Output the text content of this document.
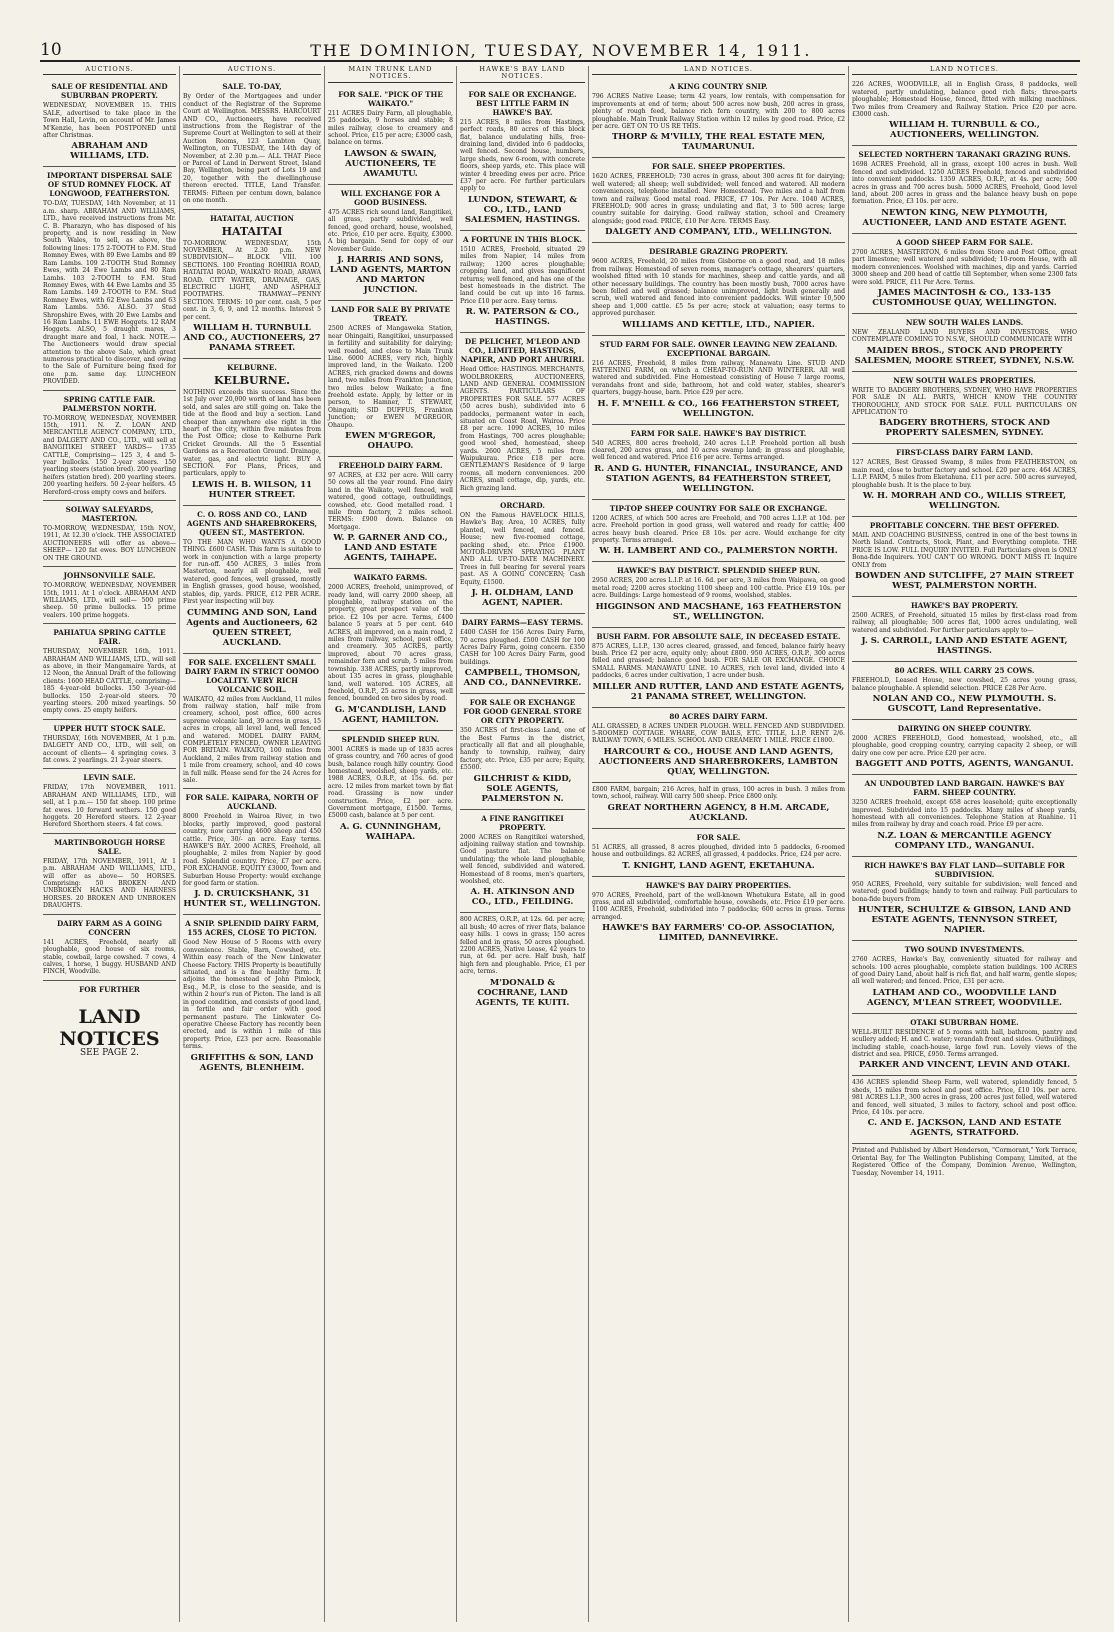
10	THE DOMINION, TUESDAY, NOVEMBER 14, 1911.
AUCTIONS.
SALE OF RESIDENTIAL AND SUBURBAN PROPERTY.
WEDNESDAY, NOVEMBER 15. THIS SALE, advertised to take place in the Town Hall, Levin, on account of Mr. James M'Kenzie, has been POSTPONED until after Christmas.
ABRAHAM AND WILLIAMS, LTD.
IMPORTANT DISPERSAL SALE OF STUD ROMNEY FLOCK. AT LONGWOOD, FEATHERSTON.
TO-DAY, TUESDAY, 14th November, at 11 a.m. sharp. ABRAHAM AND WILLIAMS, LTD., have received instructions from Mr. C. B. Pharazyn, who has disposed of his property, and is now residing in New South Wales, to sell, as above, the following lines: 175 2-TOOTH to F.M. Stud Romney Ewes, with 89 Ewe Lambs and 89 Ram Lambs. 109 2-TOOTH Stud Romney Ewes, with 24 Ewe Lambs and 80 Ram Lambs. 103 2-TOOTH to F.M. Stud Romney Ewes, with 44 Ewe Lambs and 35 Ram Lambs. 149 2-TOOTH to F.M. Stud Romney Ewes, with 62 Ewe Lambs and 63 Ram Lambs. 536. ALSO. 37 Stud Shropshire Ewes, with 20 Ewe Lambs and 16 Ram Lambs. 11 EWE Hoggets. 12 RAM Hoggets. ALSO, 5 draught mares, 3 draught mare and foal, 1 hack. NOTE.—The Auctioneers would draw special attention to the above Sale, which great numerous practical to discover, and owing to the Sale of Furniture being fixed for one p.m. same day. LUNCHEON PROVIDED.
SPRING CATTLE FAIR. PALMERSTON NORTH.
TO-MORROW, WEDNESDAY, NOVEMBER 15th, 1911. N. Z. LOAN AND MERCANTILE AGENCY COMPANY, LTD., and DALGETY AND CO., LTD., will sell at BANGITIKEI STREET YARDS— 1735 CATTLE, Comprising— 125 3, 4 and 5-year bullocks. 150 2-year steers. 150 yearling steers (station bred). 200 yearling heifers (station bred). 200 yearling steers. 200 yearling heifers. 50 2-year heifers. 45 Hereford-cross empty cows and heifers.
SOLWAY SALEYARDS, MASTERTON.
TO-MORROW, WEDNESDAY, 15th NOV., 1911, At 12.30 o'clock. THE ASSOCIATED AUCTIONEERS will offer as above— SHEEP— 120 fat ewes. BOY LUNCHEON ON THE GROUND.
JOHNSONVILLE SALE.
TO-MORROW, WEDNESDAY, NOVEMBER 15th, 1911. At 1 o'clock. ABRAHAM AND WILLIAMS, LTD., will sell— 500 prime sheep. 50 prime bullocks. 15 prime vealers. 100 prime hoggets.
PAHIATUA SPRING CATTLE FAIR.
THURSDAY, NOVEMBER 16th, 1911. ABRAHAM AND WILLIAMS, LTD., will sell as above, in their Mangamaire Yards, at 12 Noon, the Annual Draft of the following clients: 1600 HEAD CATTLE, comprising— 185 4-year-old bullocks. 150 3-year-old bullocks. 150 2-year-old steers. 70 yearling steers. 200 mixed yearlings. 50 empty cows. 25 empty heifers.
UPPER HUTT STOCK SALE.
THURSDAY, 16th NOVEMBER, At 1 p.m. DALGETY AND CO., LTD., will sell, on account of clients— 4 springing cows. 3 fat cows. 2 yearlings. 21 2-year steers.
LEVIN SALE.
FRIDAY, 17th NOVEMBER, 1911. ABRAHAM AND WILLIAMS, LTD., will sell, at 1 p.m.— 150 fat sheep. 100 prime fat ewes. 10 forward wethers. 150 good hoggets. 20 Hereford steers. 12 2-year Hereford Shorthorn steers. 4 fat cows.
MARTINBOROUGH HORSE SALE.
FRIDAY, 17th NOVEMBER, 1911, At 1 p.m. ABRAHAM AND WILLIAMS, LTD., will offer as above— 50 HORSES. Comprising: 50 BROKEN AND UNBROKEN HACKS AND HARNESS HORSES. 20 BROKEN AND UNBROKEN DRAUGHTS.
DAIRY FARM AS A GOING CONCERN
141 ACRES, Freehold, nearly all ploughable, good house of six rooms, stable, cowbail, large cowshed. 7 cows, 4 calves, 1 horse, 1 buggy. HUSBAND AND FINCH, Woodville.
FOR FURTHER
LAND NOTICES
SEE PAGE 2.
AUCTIONS.
SALE. TO-DAY,
By Order of the Mortgagees and under conduct of the Registrar of the Supreme Court at Wellington. MESSRS. HARCOURT AND CO., Auctioneers, have received instructions from the Registrar of the Supreme Court at Wellington to sell at their Auction Rooms, 123 Lambton Quay, Wellington, on TUESDAY, the 14th day of November, at 2.30 p.m.— ALL THAT Piece or Parcel of Land in Derwent Street, Island Bay, Wellington, being part of Lots 19 and 20, together with the dwellinghouse thereon erected. TITLE, Land Transfer. TERMS: Fifteen per centum down, balance on one month.
HATAITAI, AUCTION
HATAITAI
TO-MORROW. WEDNESDAY, 15th NOVEMBER, At 2.30 p.m. NEW SUBDIVISION— BLOCK VIII. 100 SECTIONS. 100 Fronting ROHIRIA ROAD, HATAITAI ROAD, WAIKATO ROAD, ARAWA ROAD. CITY WATER, DRAINAGE, GAS, ELECTRIC LIGHT, AND ASPHALT FOOTPATHS. TRAMWAY—PENNY SECTION. TERMS: 10 per cent. cash, 5 per cent. in 3, 6, 9, and 12 months. Interest 5 per cent.
WILLIAM H. TURNBULL AND CO., AUCTIONEERS, 27 PANAMA STREET.
KELBURNE.
KELBURNE.
NOTHING exceeds this success. Since the 1st July over 20,000 worth of land has been sold, and sales are still going on. Take the tide at the flood and buy a section. Land cheaper than anywhere else right in the heart of the city, within five minutes from the Post Office; close to Kelburne Park Cricket Grounds. All the 5 Essential Gardens as a Recreation Ground. Drainage, water, gas, and electric light. BUY A SECTION. For Plans, Prices, and particulars, apply to
LEWIS H. B. WILSON, 11 HUNTER STREET.
C. O. ROSS AND CO., LAND AGENTS AND SHAREBROKERS, QUEEN ST., MASTERTON.
TO THE MAN WHO WANTS A GOOD THING. £600 CASH. This farm is suitable to work in conjunction with a large property for run-off. 450 ACRES, 3 miles from Masterton, nearly all ploughable, well watered, good fences, well grassed, mostly in English grasses, good house, woolshed, stables, dip, yards. PRICE, £12 PER ACRE. First year inspecting will buy.
CUMMING AND SON, Land Agents and Auctioneers, 62 QUEEN STREET, AUCKLAND.
FOR SALE. EXCELLENT SMALL DAIRY FARM IN STRICT OOMOO LOCALITY. VERY RICH VOLCANIC SOIL.
WAIKATO, 42 miles from Auckland, 11 miles from railway station, half mile from creamery, school, post office, 600 acres supreme volcanic land, 39 acres in grass, 15 acres in crops, all level land, well fenced and watered. MODEL DAIRY FARM, COMPLETELY FENCED, OWNER LEAVING FOR BRITAIN. WAIKATO, 100 miles from Auckland, 2 miles from railway station and 1 mile from creamery, school, and 40 cows in full milk. Please send for the 24 Acres for sale.
FOR SALE. KAIPARA, NORTH OF AUCKLAND.
8000 Freehold in Wairoa River, in two blocks, partly improved, good pastoral country, now carrying 4600 sheep and 450 cattle. Price, 30/- an acre. Easy terms. HAWKE'S BAY. 2000 ACRES, Freehold, all ploughable, 2 miles from Napier by good road. Splendid country. Price, £7 per acre. FOR EXCHANGE. EQUITY £3000, Town and Suburban House Property: would exchange for good farm or station.
J. D. CRUICKSHANK, 31 HUNTER ST., WELLINGTON.
A SNIP. SPLENDID DAIRY FARM, 155 ACRES, CLOSE TO PICTON.
Good New House of 5 Rooms with every convenience. Stable, Barn, Cowshed, etc. Within easy reach of the New Linkwater Cheese Factory. THIS Property is beautifully situated, and is a fine healthy farm. It adjoins the homestead of John Pimlock, Esq., M.P., is close to the seaside, and is within 2 hour's run of Picton. The land is all in good condition, and consists of good land, in fertile and fair order with good permanent pasture. The Linkwater Co-operative Cheese Factory has recently been erected, and is within 1 mile of this property. Price, £23 per acre. Reasonable terms.
GRIFFITHS & SON, LAND AGENTS, BLENHEIM.
MAIN TRUNK LAND NOTICES.
FOR SALE. "PICK OF THE WAIKATO."
211 ACRES Dairy Farm, all ploughable, 25 paddocks, 9 horses and stable; 8 miles railway, close to creamery and school. Price, £15 per acre; £3000 cash, balance on terms.
LAWSON & SWAIN, AUCTIONEERS, TE AWAMUTU.
WILL EXCHANGE FOR A GOOD BUSINESS.
475 ACRES rich sound land, Rangitikei, all grass, partly subdivided, well fenced, good orchard, house, woolshed, etc. Price, £10 per acre. Equity, £3000. A big bargain. Send for copy of our November Guide.
J. HARRIS AND SONS, LAND AGENTS, MARTON AND MARTON JUNCTION.
LAND FOR SALE BY PRIVATE TREATY.
2500 ACRES of Mangaweka Station, near Ohingaiti, Rangitikei, unsurpassed in fertility and suitability for dairying; well roaded, and close to Main Trunk Line. 6000 ACRES, very rich, highly improved land, in the Waikato. 1200 ACRES, rich gracked downs and downs land, two miles from Frankton Junction, two miles below Waikato; a fine freehold estate. Apply, by letter or in person, to Hamner, T. STEWART, Ohingaiti; SID DUFFUS, Frankton Junction; or EWEN M'GREGOR, Ohaupo.
EWEN M'GREGOR, OHAUPO.
FREEHOLD DAIRY FARM.
97 ACRES, at £32 per acre. Will carry 50 cows all the year round. Fine dairy land in the Waikato, well fenced, well watered, good cottage, outbuildings, cowshed, etc. Good metalled road. 1 mile from factory, 2 miles school. TERMS: £900 down. Balance on Mortgage.
W. P. GARNER AND CO., LAND AND ESTATE AGENTS, TAIHAPE.
WAIKATO FARMS.
2000 ACRES, freehold, unimproved, of ready land, will carry 2000 sheep, all ploughable, railway station on the property, great prospect value of the price. £2 10s per acre. Terms, £400 balance 5 years at 5 per cent. 640 ACRES, all improved, on a main road, 2 miles from railway, school, post office, and creamery. 305 ACRES, partly improved, about 70 acres grass, remainder fern and scrub, 5 miles from township. 338 ACRES, partly improved, about 135 acres in grass, ploughable land, well watered. 105 ACRES, all freehold, O.R.P., 25 acres in grass, well fenced, bounded on two sides by road.
G. M'CANDLISH, LAND AGENT, HAMILTON.
SPLENDID SHEEP RUN.
3001 ACRES is made up of 1835 acres of grass country, and 760 acres of good bush, balance rough hilly country. Good homestead, woolshed, sheep yards, etc. 1988 ACRES, O.R.P., at 15s. 6d. per acre. 12 miles from market town by flat road. Grassing is now under construction. Price, £2 per acre. Government mortgage, £1500. Terms, £5000 cash, balance at 5 per cent.
A. G. CUNNINGHAM, WAIHAPA.
HAWKE'S BAY LAND NOTICES.
FOR SALE OR EXCHANGE. BEST LITTLE FARM IN HAWKE'S BAY.
215 ACRES, 8 miles from Hastings, perfect roads, 80 acres of this block flat, balance undulating hills, free-draining land, divided into 6 paddocks, well fenced. Second house, numbers, large sheds, new 6-room, with concrete floors, sheep yards, etc. This place will winter 4 breeding ewes per acre. Price £37 per acre. For further particulars apply to
LUNDON, STEWART, & CO., LTD., LAND SALESMEN, HASTINGS.
A FORTUNE IN THIS BLOCK.
1510 ACRES, Freehold, situated 29 miles from Napier, 14 miles from railway; 1200 acres ploughable; cropping land, and gives magnificent returns; well fenced, and has one of the best homesteads in the district. The land could be cut up into 16 farms. Price £10 per acre. Easy terms.
R. W. PATERSON & CO., HASTINGS.
DE PELICHET, M'LEOD AND CO., LIMITED, HASTINGS, NAPIER, AND PORT AHURIRI.
Head Office: HASTINGS. MERCHANTS, WOOLBROKERS, AUCTIONEERS, LAND AND GENERAL COMMISSION AGENTS. PARTICULARS OF PROPERTIES FOR SALE. 577 ACRES (50 acres bush), subdivided into 6 paddocks, permanent water in each, situated on Coast Road, Wairoa. Price £8 per acre. 1090 ACRES, 10 miles from Hastings, 700 acres ploughable; good wool shed, homestead, sheep yards. 2600 ACRES, 5 miles from Waipukurau. Price £18 per acre. GENTLEMAN'S Residence of 9 large rooms, all modern conveniences. 200 ACRES, small cottage, dip, yards, etc. Rich grazing land.
ORCHARD.
ON the Famous HAVELOCK HILLS, Hawke's Bay, Area, 10 ACRES, fully planted, well fenced, and fenced. House; new five-roomed cottage, packing shed, etc. Price £1900. MOTOR-DRIVEN SPRAYING PLANT AND ALL UP-TO-DATE MACHINERY. Trees in full bearing for several years past. AS A GOING CONCERN; Cash Equity, £1500.
J. H. OLDHAM, LAND AGENT, NAPIER.
DAIRY FARMS—EASY TERMS.
£400 CASH for 156 Acres Dairy Farm, 70 acres ploughed. £500 CASH for 100 Acres Dairy Farm, going concern. £350 CASH for 100 Acres Dairy Farm, good buildings.
CAMPBELL, THOMSON, AND CO., DANNEVIRKE.
FOR SALE OR EXCHANGE FOR GOOD GENERAL STORE OR CITY PROPERTY.
350 ACRES of first-class Land, one of the Best Farms in the district, practically all flat and all ploughable, handy to township, railway, dairy factory, etc. Price, £35 per acre; Equity, £5500.
GILCHRIST & KIDD, SOLE AGENTS, PALMERSTON N.
A FINE RANGITIKEI PROPERTY.
2000 ACRES on Rangitikei watershed, adjoining railway station and township. Good pasture flat. The balance undulating; the whole land ploughable, well fenced, subdivided and watered. Homestead of 8 rooms, men's quarters, woolshed, etc.
A. H. ATKINSON AND CO., LTD., FEILDING.
800 ACRES, O.R.P., at 12s. 6d. per acre; all bush; 40 acres of river flats, balance easy hills. 1 cows in grass; 150 acres felled and in grass, 50 acres ploughed. 2200 ACRES, Native Lease, 42 years to run, at 6d. per acre. Half bush, half high fern and ploughable. Price, £1 per acre, terms.
M'DONALD & COCHRANE, LAND AGENTS, TE KUITI.
LAND NOTICES.
A KING COUNTRY SNIP.
796 ACRES Native Lease; term 42 years, low rentals, with compensation for improvements at end of term; about 500 acres now bush, 200 acres in grass, plenty of rough feed, balance rich fern country, with 200 to 800 acres ploughable. Main Trunk Railway Station within 12 miles by good road. Price, £2 per acre. GET ON TO US RE THIS.
THORP & M'VILLY, THE REAL ESTATE MEN, TAUMARUNUI.
FOR SALE. SHEEP PROPERTIES.
1620 ACRES, FREEHOLD; 730 acres in grass, about 300 acres fit for dairying; well watered; all sheep; well subdivided; well fenced and watered. All modern conveniences, telephone installed. New Homestead. Two miles and a half from town and railway. Good metal road. PRICE, £7 10s. Per Acre. 1040 ACRES, FREEHOLD; 900 acres in grass; undulating and flat, 3 to 500 acres; large country suitable for dairying. Good railway station, school and Creamery alongside; good road. PRICE, £10 Per Acre. TERMS Easy.
DALGETY AND COMPANY, LTD., WELLINGTON.
DESIRABLE GRAZING PROPERTY.
9600 ACRES, Freehold, 20 miles from Gisborne on a good road, and 18 miles from railway. Homestead of seven rooms, manager's cottage, shearers' quarters, woolshed fitted with 10 stands for machines, sheep and cattle yards, and all other necessary buildings. The country has been mostly bush, 7000 acres have been felled and well grassed; balance unimproved, light bush generally and scrub, well watered and fenced into convenient paddocks. Will winter 10,500 sheep and 1,000 cattle. £5 5s per acre; stock at valuation; easy terms to approved purchaser.
WILLIAMS AND KETTLE, LTD., NAPIER.
STUD FARM FOR SALE. OWNER LEAVING NEW ZEALAND. EXCEPTIONAL BARGAIN.
216 ACRES, Freehold, 8 miles from railway, Manawatu Line. STUD AND FATTENING FARM, on which a CHEAP-TO-RUN AND WINTERER. All well watered and subdivided. Fine Homestead consisting of House 7 large rooms, verandahs front and side, bathroom, hot and cold water, stables, shearer's quarters, buggy-house, barn. Price £29 per acre.
H. F. M'NEILL & CO., 166 FEATHERSTON STREET, WELLINGTON.
FARM FOR SALE. HAWKE'S BAY DISTRICT.
540 ACRES, 800 acres freehold, 240 acres L.I.P. Freehold portion all bush cleared, 200 acres grass, and 10 acres swamp land; in grass and ploughable, well fenced and watered. Price £16 per acre. Terms arranged.
R. AND G. HUNTER, FINANCIAL, INSURANCE, AND STATION AGENTS, 84 FEATHERSTON STREET, WELLINGTON.
TIP-TOP SHEEP COUNTRY FOR SALE OR EXCHANGE.
1200 ACRES, of which 500 acres are Freehold, and 700 acres L.I.P. at 10d. per acre. Freehold portion in good grass, well watered and ready for cattle; 400 acres heavy bush cleared. Price £8 10s. per acre. Would exchange for city property. Terms arranged.
W. H. LAMBERT AND CO., PALMERSTON NORTH.
HAWKE'S BAY DISTRICT. SPLENDID SHEEP RUN.
2950 ACRES, 200 acres L.I.P. at 16. 6d. per acre, 3 miles from Waipawa, on good metal road; 2200 acres stocking 1100 sheep and 100 cattle. Price £19 10s. per acre. Buildings: Large homestead of 9 rooms, woolshed, stables.
HIGGINSON AND MACSHANE, 163 FEATHERSTON ST., WELLINGTON.
BUSH FARM. FOR ABSOLUTE SALE, IN DECEASED ESTATE.
875 ACRES, L.I.P., 130 acres cleared, grassed, and fenced, balance fairly heavy bush. Price £2 per acre, equity only; about £800. 950 ACRES, O.R.P., 300 acres felled and grassed; balance good bush. FOR SALE OR EXCHANGE. CHOICE SMALL FARMS. MANAWATU LINE. 10 ACRES, rich level land, divided into 4 paddocks, 6 acres under cultivation, 1 acre under bush.
MILLER AND RUTTER, LAND AND ESTATE AGENTS, 21 PANAMA STREET, WELLINGTON.
80 ACRES DAIRY FARM.
ALL GRASSED, 8 ACRES UNDER PLOUGH. WELL FENCED AND SUBDIVIDED. 5-ROOMED COTTAGE. WHARE, COW BAILS, ETC. TITLE, L.I.P. RENT 2/6. RAILWAY TOWN, 6 MILES. SCHOOL AND CREAMERY 1 MILE. PRICE £1800.
HARCOURT & CO., HOUSE AND LAND AGENTS, AUCTIONEERS AND SHAREBROKERS, LAMBTON QUAY, WELLINGTON.
£800 FARM, bargain; 216 Acres, half in grass, 100 acres in bush. 3 miles from town, school, railway. Will carry 500 sheep. Price £800 only.
GREAT NORTHERN AGENCY, 8 H.M. ARCADE, AUCKLAND.
FOR SALE.
51 ACRES, all grassed, 8 acres ploughed, divided into 5 paddocks, 6-roomed house and outbuildings. 82 ACRES, all grassed, 4 paddocks. Price, £24 per acre.
T. KNIGHT, LAND AGENT, EKETAHUNA.
HAWKE'S BAY DAIRY PROPERTIES.
970 ACRES, Freehold, part of the well-known Whetukura Estate, all in good grass, and all subdivided, comfortable house, cowsheds, etc. Price £19 per acre. 1100 ACRES, Freehold, subdivided into 7 paddocks; 600 acres in grass. Terms arranged.
HAWKE'S BAY FARMERS' CO-OP. ASSOCIATION, LIMITED, DANNEVIRKE.
LAND NOTICES.
226 ACRES, WOODVILLE, all in English Grass, 8 paddocks, well watered, partly undulating, balance good rich flats; three-parts ploughable; Homestead House, fenced, fitted with milking machines. Two miles from Creamery and Railway Station. Price £20 per acre. £3000 cash.
WILLIAM H. TURNBULL & CO., AUCTIONEERS, WELLINGTON.
SELECTED NORTHERN TARANAKI GRAZING RUNS.
1698 ACRES Freehold, all in grass, except 100 acres in bush. Well fenced and subdivided. 1250 ACRES Freehold, fenced and subdivided into convenient paddocks. 1359 ACRES, O.R.P., at 4s. per acre; 500 acres in grass and 700 acres bush. 5000 ACRES, Freehold, Good level land, about 200 acres in grass and the balance heavy bush on pope formation. Price, £3 10s. per acre.
NEWTON KING, NEW PLYMOUTH, AUCTIONEER, LAND AND ESTATE AGENT.
A GOOD SHEEP FARM FOR SALE.
2700 ACRES, MASTERTON, 6 miles from Store and Post Office, great part limestone; well watered and subdivided; 10-room House, with all modern conveniences. Woolshed with machines, dip and yards. Carried 3000 sheep and 200 head of cattle till September, when some 2300 fats were sold. PRICE, £11 Per Acre. Terms.
JAMES MACINTOSH & CO., 133-135 CUSTOMHOUSE QUAY, WELLINGTON.
NEW SOUTH WALES LANDS.
NEW ZEALAND LAND BUYERS AND INVESTORS, WHO CONTEMPLATE COMING TO N.S.W., SHOULD COMMUNICATE WITH
MAIDEN BROS., STOCK AND PROPERTY SALESMEN, MOORE STREET, SYDNEY, N.S.W.
NEW SOUTH WALES PROPERTIES.
WRITE TO BADGERY BROTHERS, SYDNEY, WHO HAVE PROPERTIES FOR SALE IN ALL PARTS, WHICH KNOW THE COUNTRY THOROUGHLY, AND STOCK FOR SALE. FULL PARTICULARS ON APPLICATION TO
BADGERY BROTHERS, STOCK AND PROPERTY SALESMEN, SYDNEY.
FIRST-CLASS DAIRY FARM LAND.
127 ACRES, Best Grassed Swamp, 8 miles from FEATHERSTON, on main road, close to butter factory and school. £20 per acre. 464 ACRES, L.I.P. FARM, 5 miles from Eketahuna. £11 per acre. 500 acres surveyed, ploughable bush. It is the place to buy.
W. H. MORRAH AND CO., WILLIS STREET, WELLINGTON.
PROFITABLE CONCERN. THE BEST OFFERED.
MAIL AND COACHING BUSINESS, centred in one of the best towns in North Island. Contracts, Stock, Plant, and Everything complete. THE PRICE IS LOW. FULL INQUIRY INVITED. Full Particulars given is ONLY Bona-fide Inquirers. YOU CAN'T GO WRONG. DON'T MISS IT. Inquire ONLY from
BOWDEN AND SUTCLIFFE, 27 MAIN STREET WEST, PALMERSTON NORTH.
HAWKE'S BAY PROPERTY.
2500 ACRES, of Freehold, situated 15 miles by first-class road from railway, all ploughable; 500 acres flat, 1000 acres undulating, well watered and subdivided. For further particulars apply to—
J. S. CARROLL, LAND AND ESTATE AGENT, HASTINGS.
80 ACRES. WILL CARRY 25 COWS.
FREEHOLD, Leased House, new cowshed, 25 acres young grass, balance ploughable. A splendid selection. PRICE £28 Per Acre.
NOLAN AND CO., NEW PLYMOUTH. S. GUSCOTT, Land Representative.
DAIRYING ON SHEEP COUNTRY.
2000 ACRES FREEHOLD, Good homestead, woolshed, etc., all ploughable, good cropping country, carrying capacity 2 sheep, or will dairy one cow per acre. Price £20 per acre.
BAGGETT AND POTTS, AGENTS, WANGANUI.
AN UNDOUBTED LAND BARGAIN. HAWKE'S BAY FARM. SHEEP COUNTRY.
3250 ACRES freehold, except 658 acres leasehold; quite exceptionally improved. Subdivided into 15 paddocks. Many miles of sheep yards, homestead with all conveniences. Telephone Station at Ruahine. 11 miles from railway by dray and coach road. Price £9 per acre.
N.Z. LOAN & MERCANTILE AGENCY COMPANY LTD., WANGANUI.
RICH HAWKE'S BAY FLAT LAND—SUITABLE FOR SUBDIVISION.
950 ACRES, Freehold, very suitable for subdivision; well fenced and watered; good buildings; handy to town and railway. Full particulars to bona-fide buyers from
HUNTER, SCHULTZE & GIBSON, LAND AND ESTATE AGENTS, TENNYSON STREET, NAPIER.
TWO SOUND INVESTMENTS.
2760 ACRES, Hawke's Bay, conveniently situated for railway and schools. 100 acres ploughable, complete station buildings. 100 ACRES of good Dairy Land, about half is rich flat, and half warm, gentle slopes; all well watered; and fenced. Price, £31 per acre.
LATHAM AND CO., WOODVILLE LAND AGENCY, M'LEAN STREET, WOODVILLE.
OTAKI SUBURBAN HOME.
WELL-BUILT RESIDENCE of 5 rooms with hall, bathroom, pantry and scullery added; H. and C. water; verandah front and sides. Outbuildings, including stable, coach-house, large fowl run. Lovely views of the district and sea. PRICE, £950. Terms arranged.
PARKER AND VINCENT, LEVIN AND OTAKI.
436 ACRES splendid Sheep Farm, well watered, splendidly fenced, 5 sheds, 15 miles from school and post office. Price, £10 10s. per acre. 981 ACRES L.I.P., 300 acres in grass, 200 acres just felled, well watered and fenced, well situated, 3 miles to factory, school and post office. Price, £4 10s. per acre.
C. AND E. JACKSON, LAND AND ESTATE AGENTS, STRATFORD.
Printed and Published by Albert Henderson, "Cormorant," York Terrace, Oriental Bay, for The Wellington Publishing Company, Limited, at the Registered Office of the Company, Dominion Avenue, Wellington, Tuesday, November 14, 1911.
